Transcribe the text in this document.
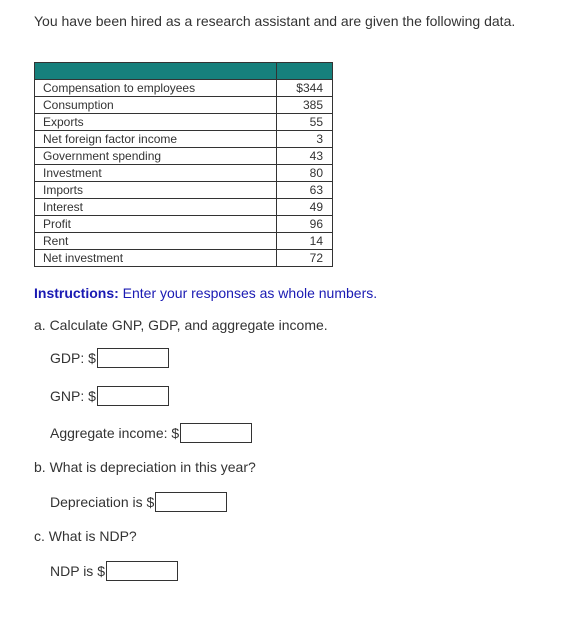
You have been hired as a research assistant and are given the following data.

	Compensation to employees	$344
	Consumption	385
	Exports	55
	Net foreign factor income	3
	Government spending	43
	Investment	80
	Imports	63
	Interest	49
	Profit	96
	Rent	14
	Net investment	72
Instructions: Enter your responses as whole numbers.
a. Calculate GNP, GDP, and aggregate income.
GDP: $
GNP: $
Aggregate income: $
b. What is depreciation in this year?
Depreciation is $
c. What is NDP?
NDP is $
